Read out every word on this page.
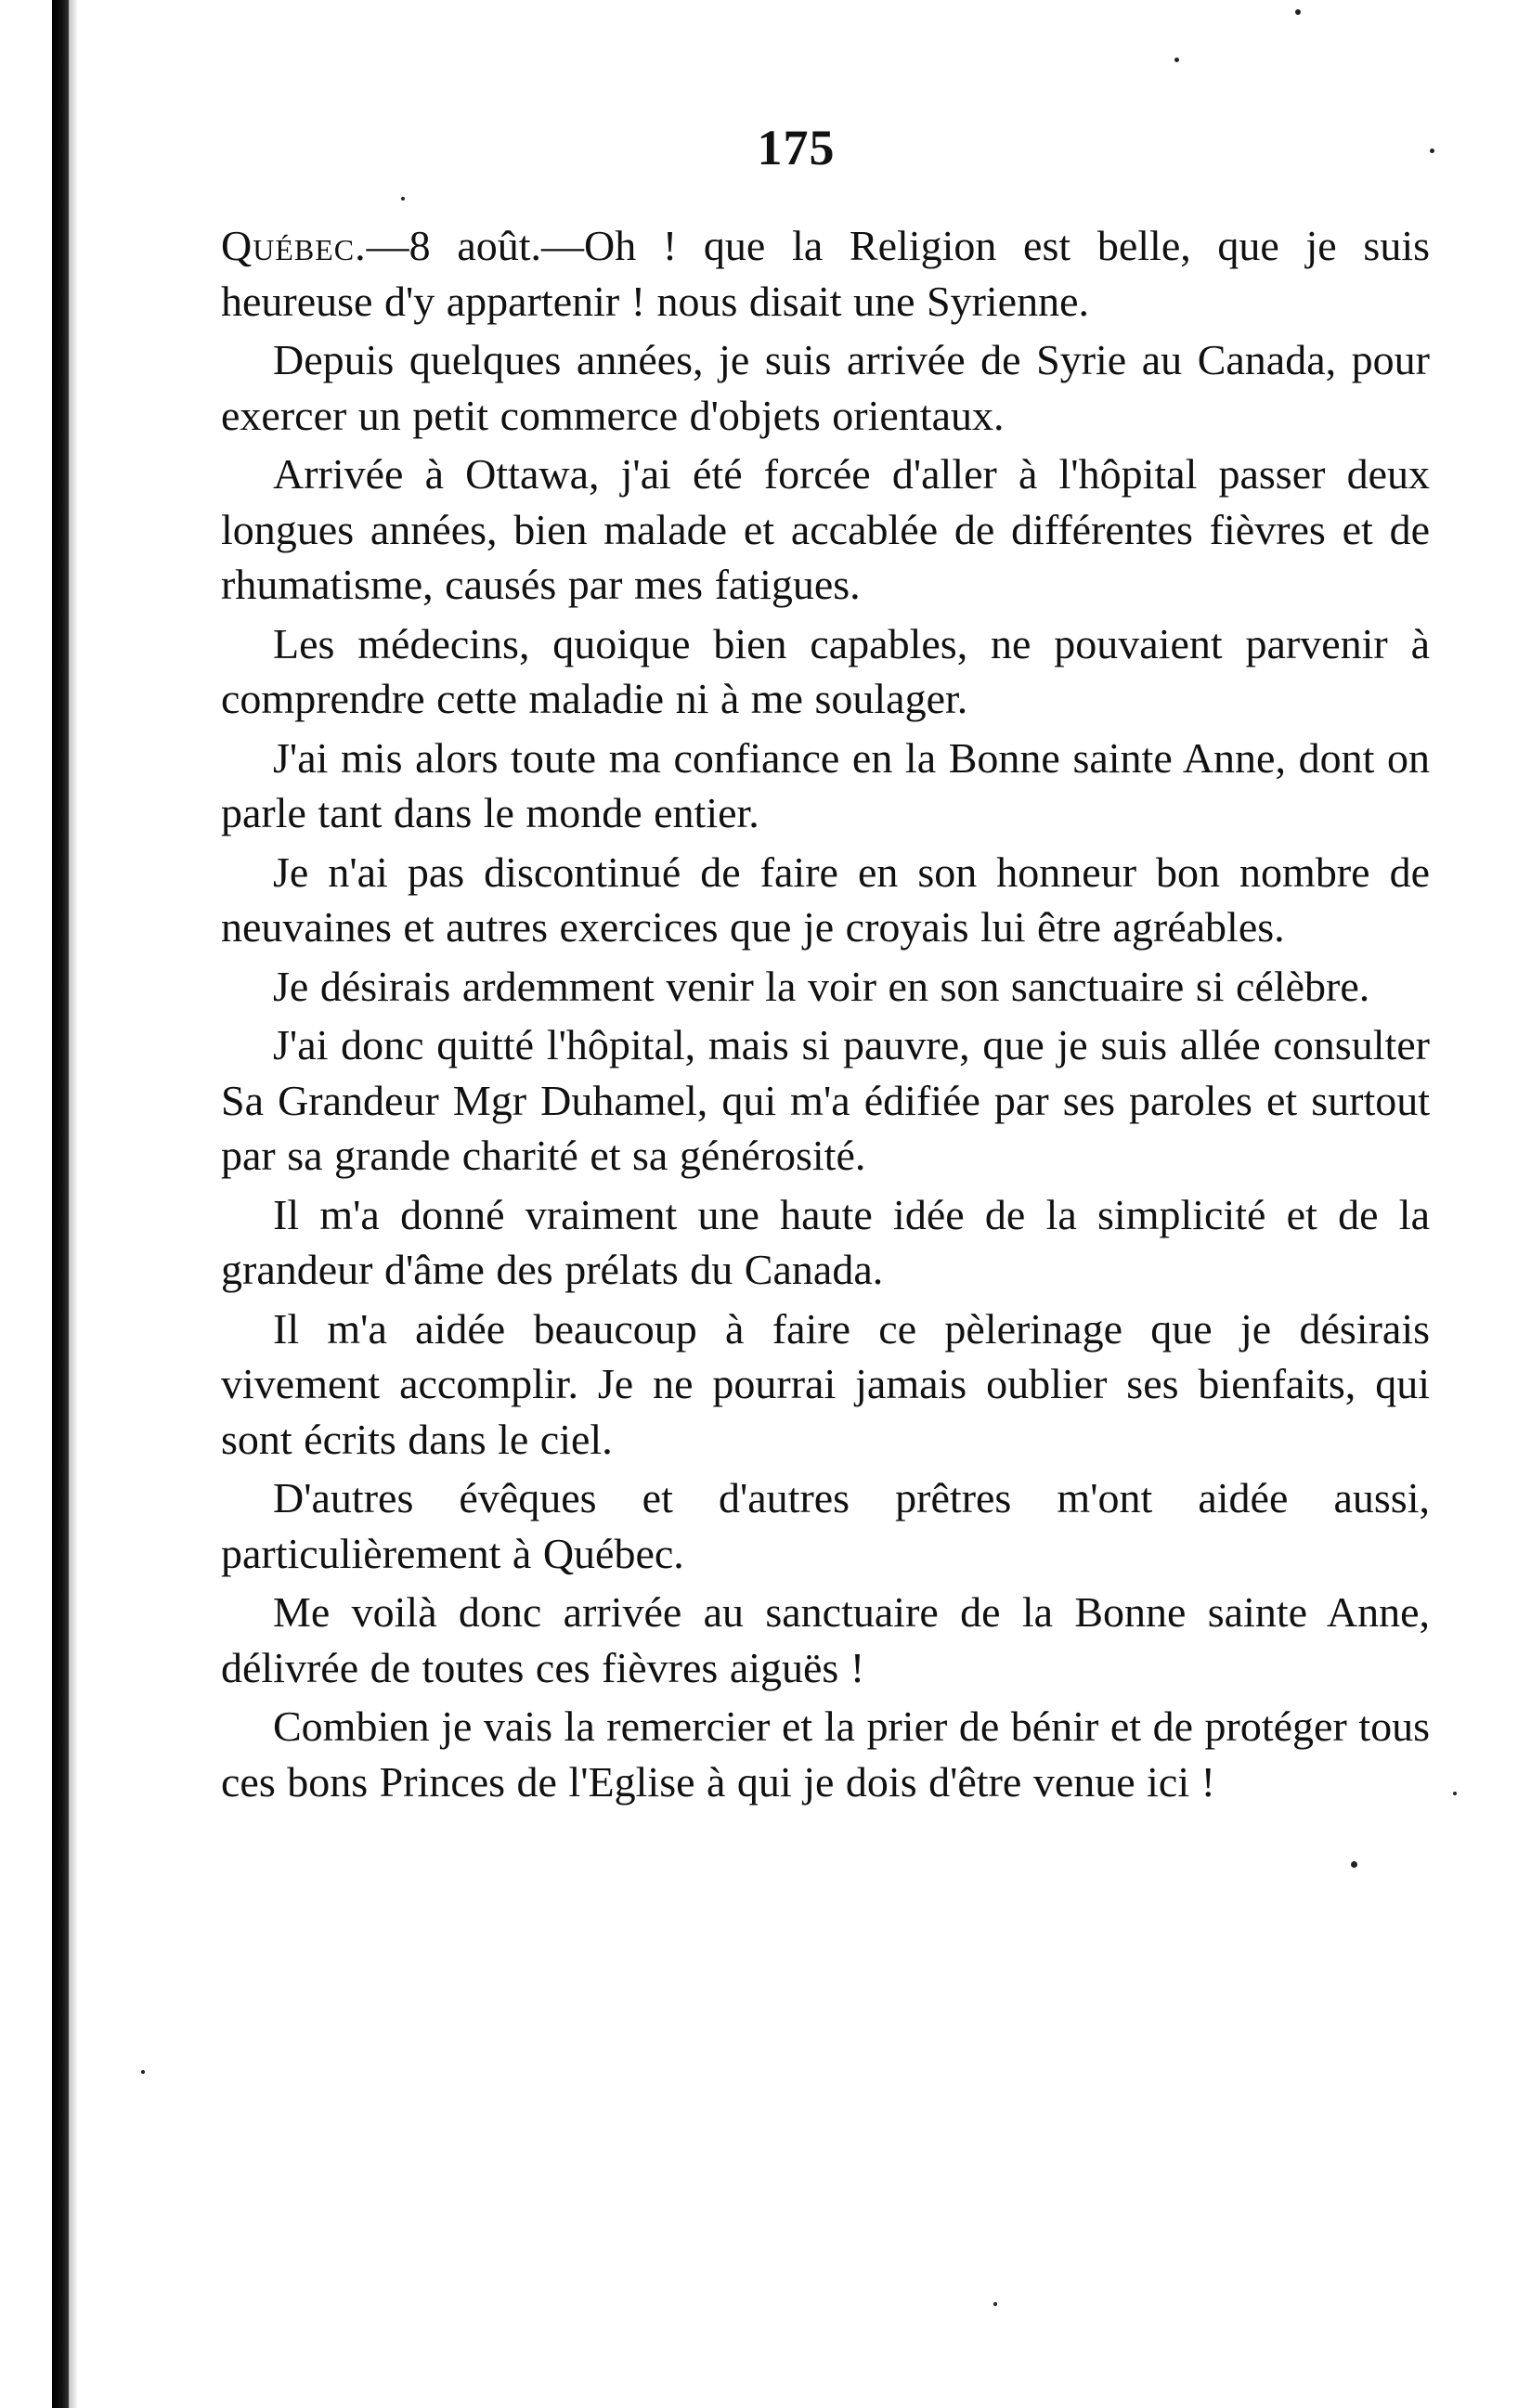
175

Québec.—8 août.—Oh ! que la Religion est belle, que je suis heureuse d'y appartenir ! nous disait une Syrienne.

Depuis quelques années, je suis arrivée de Syrie au Canada, pour exercer un petit commerce d'objets orientaux.

Arrivée à Ottawa, j'ai été forcée d'aller à l'hôpital passer deux longues années, bien malade et accablée de différentes fièvres et de rhumatisme, causés par mes fatigues.

Les médecins, quoique bien capables, ne pouvaient parvenir à comprendre cette maladie ni à me soulager.

J'ai mis alors toute ma confiance en la Bonne sainte Anne, dont on parle tant dans le monde entier.

Je n'ai pas discontinué de faire en son honneur bon nombre de neuvaines et autres exercices que je croyais lui être agréables.

Je désirais ardemment venir la voir en son sanctuaire si célèbre.

J'ai donc quitté l'hôpital, mais si pauvre, que je suis allée consulter Sa Grandeur Mgr Duhamel, qui m'a édifiée par ses paroles et surtout par sa grande charité et sa générosité.

Il m'a donné vraiment une haute idée de la simplicité et de la grandeur d'âme des prélats du Canada.

Il m'a aidée beaucoup à faire ce pèlerinage que je désirais vivement accomplir. Je ne pourrai jamais oublier ses bienfaits, qui sont écrits dans le ciel.

D'autres évêques et d'autres prêtres m'ont aidée aussi, particulièrement à Québec.

Me voilà donc arrivée au sanctuaire de la Bonne sainte Anne, délivrée de toutes ces fièvres aiguës !

Combien je vais la remercier et la prier de bénir et de protéger tous ces bons Princes de l'Eglise à qui je dois d'être venue ici !
